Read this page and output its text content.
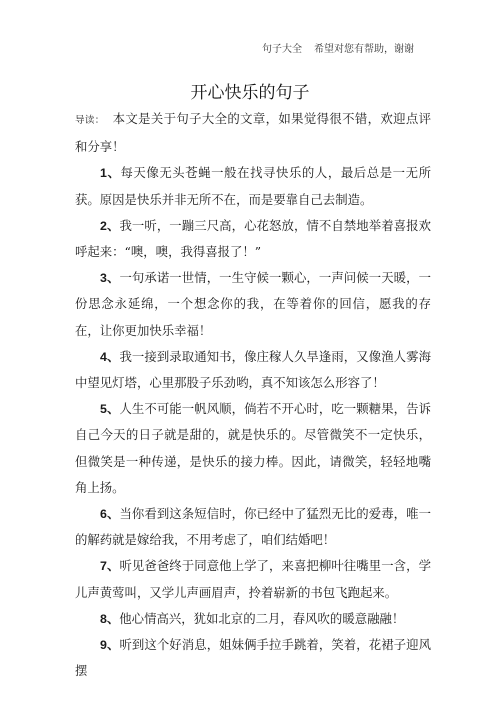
句子大全 希望对您有帮助，谢谢
开心快乐的句子

导读： 本文是关于句子大全的文章，如果觉得很不错，欢迎点评和分享！

1、每天像无头苍蝇一般在找寻快乐的人，最后总是一无所获。原因是快乐并非无所不在，而是要靠自己去制造。

2、我一听，一蹦三尺高，心花怒放，情不自禁地举着喜报欢呼起来：“噢，噢，我得喜报了！”

3、一句承诺一世情，一生守候一颗心，一声问候一天暖，一份思念永延绵，一个想念你的我，在等着你的回信，愿我的存在，让你更加快乐幸福！

4、我一接到录取通知书，像庄稼人久旱逢雨，又像渔人雾海中望见灯塔，心里那股子乐劲哟，真不知该怎么形容了！

5、人生不可能一帆风顺，倘若不开心时，吃一颗糖果，告诉自己今天的日子就是甜的，就是快乐的。尽管微笑不一定快乐，但微笑是一种传递，是快乐的接力棒。因此，请微笑，轻轻地嘴角上扬。

6、当你看到这条短信时，你已经中了猛烈无比的爱毒，唯一的解药就是嫁给我，不用考虑了，咱们结婚吧！

7、听见爸爸终于同意他上学了，来喜把柳叶往嘴里一含，学儿声黄莺叫，又学儿声画眉声，拎着崭新的书包飞跑起来。

8、他心情高兴，犹如北京的二月，春风吹的暖意融融！

9、听到这个好消息，姐妹俩手拉手跳着，笑着，花裙子迎风摆
